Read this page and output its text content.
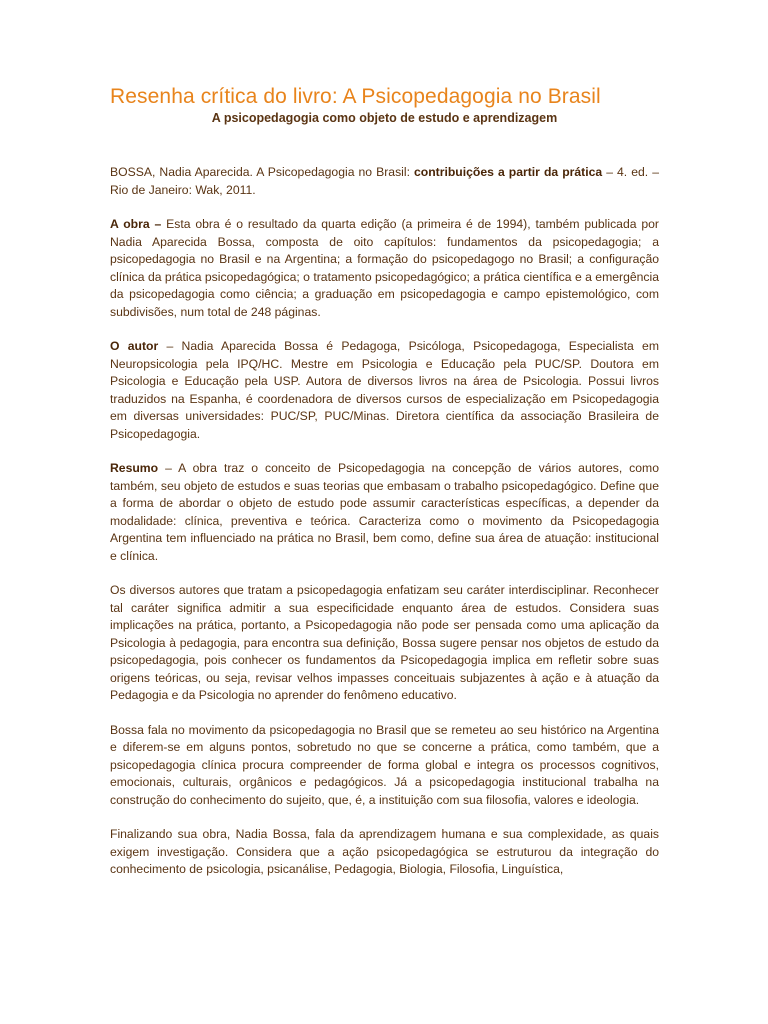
Resenha crítica do livro: A Psicopedagogia no Brasil

A psicopedagogia como objeto de estudo e aprendizagem

BOSSA, Nadia Aparecida. A Psicopedagogia no Brasil: contribuições a partir da prática – 4. ed. – Rio de Janeiro: Wak, 2011.

A obra – Esta obra é o resultado da quarta edição (a primeira é de 1994), também publicada por Nadia Aparecida Bossa, composta de oito capítulos: fundamentos da psicopedagogia; a psicopedagogia no Brasil e na Argentina; a formação do psicopedagogo no Brasil; a configuração clínica da prática psicopedagógica; o tratamento psicopedagógico; a prática científica e a emergência da psicopedagogia como ciência; a graduação em psicopedagogia e campo epistemológico, com subdivisões, num total de 248 páginas.

O autor – Nadia Aparecida Bossa é Pedagoga, Psicóloga, Psicopedagoga, Especialista em Neuropsicologia pela IPQ/HC. Mestre em Psicologia e Educação pela PUC/SP. Doutora em Psicologia e Educação pela USP. Autora de diversos livros na área de Psicologia. Possui livros traduzidos na Espanha, é coordenadora de diversos cursos de especialização em Psicopedagogia em diversas universidades: PUC/SP, PUC/Minas. Diretora científica da associação Brasileira de Psicopedagogia.

Resumo – A obra traz o conceito de Psicopedagogia na concepção de vários autores, como também, seu objeto de estudos e suas teorias que embasam o trabalho psicopedagógico. Define que a forma de abordar o objeto de estudo pode assumir características específicas, a depender da modalidade: clínica, preventiva e teórica. Caracteriza como o movimento da Psicopedagogia Argentina tem influenciado na prática no Brasil, bem como, define sua área de atuação: institucional e clínica.

Os diversos autores que tratam a psicopedagogia enfatizam seu caráter interdisciplinar. Reconhecer tal caráter significa admitir a sua especificidade enquanto área de estudos. Considera suas implicações na prática, portanto, a Psicopedagogia não pode ser pensada como uma aplicação da Psicologia à pedagogia, para encontra sua definição, Bossa sugere pensar nos objetos de estudo da psicopedagogia, pois conhecer os fundamentos da Psicopedagogia implica em refletir sobre suas origens teóricas, ou seja, revisar velhos impasses conceituais subjazentes à ação e à atuação da Pedagogia e da Psicologia no aprender do fenômeno educativo.

Bossa fala no movimento da psicopedagogia no Brasil que se remeteu ao seu histórico na Argentina e diferem-se em alguns pontos, sobretudo no que se concerne a prática, como também, que a psicopedagogia clínica procura compreender de forma global e integra os processos cognitivos, emocionais, culturais, orgânicos e pedagógicos. Já a psicopedagogia institucional trabalha na construção do conhecimento do sujeito, que, é, a instituição com sua filosofia, valores e ideologia.

Finalizando sua obra, Nadia Bossa, fala da aprendizagem humana e sua complexidade, as quais exigem investigação. Considera que a ação psicopedagógica se estruturou da integração do conhecimento de psicologia, psicanálise, Pedagogia, Biologia, Filosofia, Linguística,
